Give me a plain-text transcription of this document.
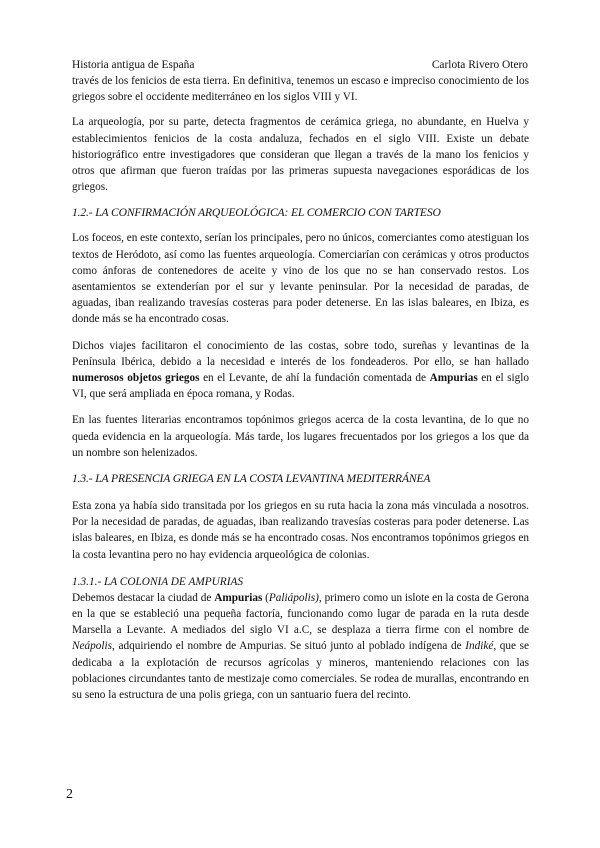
Historia antigua de España	Carlota Rivero Otero

través de los fenicios de esta tierra. En definitiva, tenemos un escaso e impreciso conocimiento de los griegos sobre el occidente mediterráneo en los siglos VIII y VI.

La arqueología, por su parte, detecta fragmentos de cerámica griega, no abundante, en Huelva y establecimientos fenicios de la costa andaluza, fechados en el siglo VIII. Existe un debate historiográfico entre investigadores que consideran que llegan a través de la mano los fenicios y otros que afirman que fueron traídas por las primeras supuesta navegaciones esporádicas de los griegos.

1.2.- LA CONFIRMACIÓN ARQUEOLÓGICA: EL COMERCIO CON TARTESO

Los foceos, en este contexto, serían los principales, pero no únicos, comerciantes como atestiguan los textos de Heródoto, así como las fuentes arqueología. Comerciarían con cerámicas y otros productos como ánforas de contenedores de aceite y vino de los que no se han conservado restos. Los asentamientos se extenderían por el sur y levante peninsular. Por la necesidad de paradas, de aguadas, iban realizando travesías costeras para poder detenerse. En las islas baleares, en Ibiza, es donde más se ha encontrado cosas.

Dichos viajes facilitaron el conocimiento de las costas, sobre todo, sureñas y levantinas de la Península Ibérica, debido a la necesidad e interés de los fondeaderos. Por ello, se han hallado numerosos objetos griegos en el Levante, de ahí la fundación comentada de Ampurias en el siglo VI, que será ampliada en época romana, y Rodas.

En las fuentes literarias encontramos topónimos griegos acerca de la costa levantina, de lo que no queda evidencia en la arqueología. Más tarde, los lugares frecuentados por los griegos a los que da un nombre son helenizados.

1.3.- LA PRESENCIA GRIEGA EN LA COSTA LEVANTINA MEDITERRÁNEA

Esta zona ya había sido transitada por los griegos en su ruta hacia la zona más vinculada a nosotros. Por la necesidad de paradas, de aguadas, iban realizando travesías costeras para poder detenerse. Las islas baleares, en Ibiza, es donde más se ha encontrado cosas. Nos encontramos topónimos griegos en la costa levantina pero no hay evidencia arqueológica de colonias.

1.3.1.- LA COLONIA DE AMPURIAS

Debemos destacar la ciudad de Ampurias (Paliápolis), primero como un islote en la costa de Gerona en la que se estableció una pequeña factoría, funcionando como lugar de parada en la ruta desde Marsella a Levante. A mediados del siglo VI a.C, se desplaza a tierra firme con el nombre de Neápolis, adquiriendo el nombre de Ampurias. Se situó junto al poblado indígena de Indiké, que se dedicaba a la explotación de recursos agrícolas y mineros, manteniendo relaciones con las poblaciones circundantes tanto de mestizaje como comerciales. Se rodea de murallas, encontrando en su seno la estructura de una polis griega, con un santuario fuera del recinto.

2
